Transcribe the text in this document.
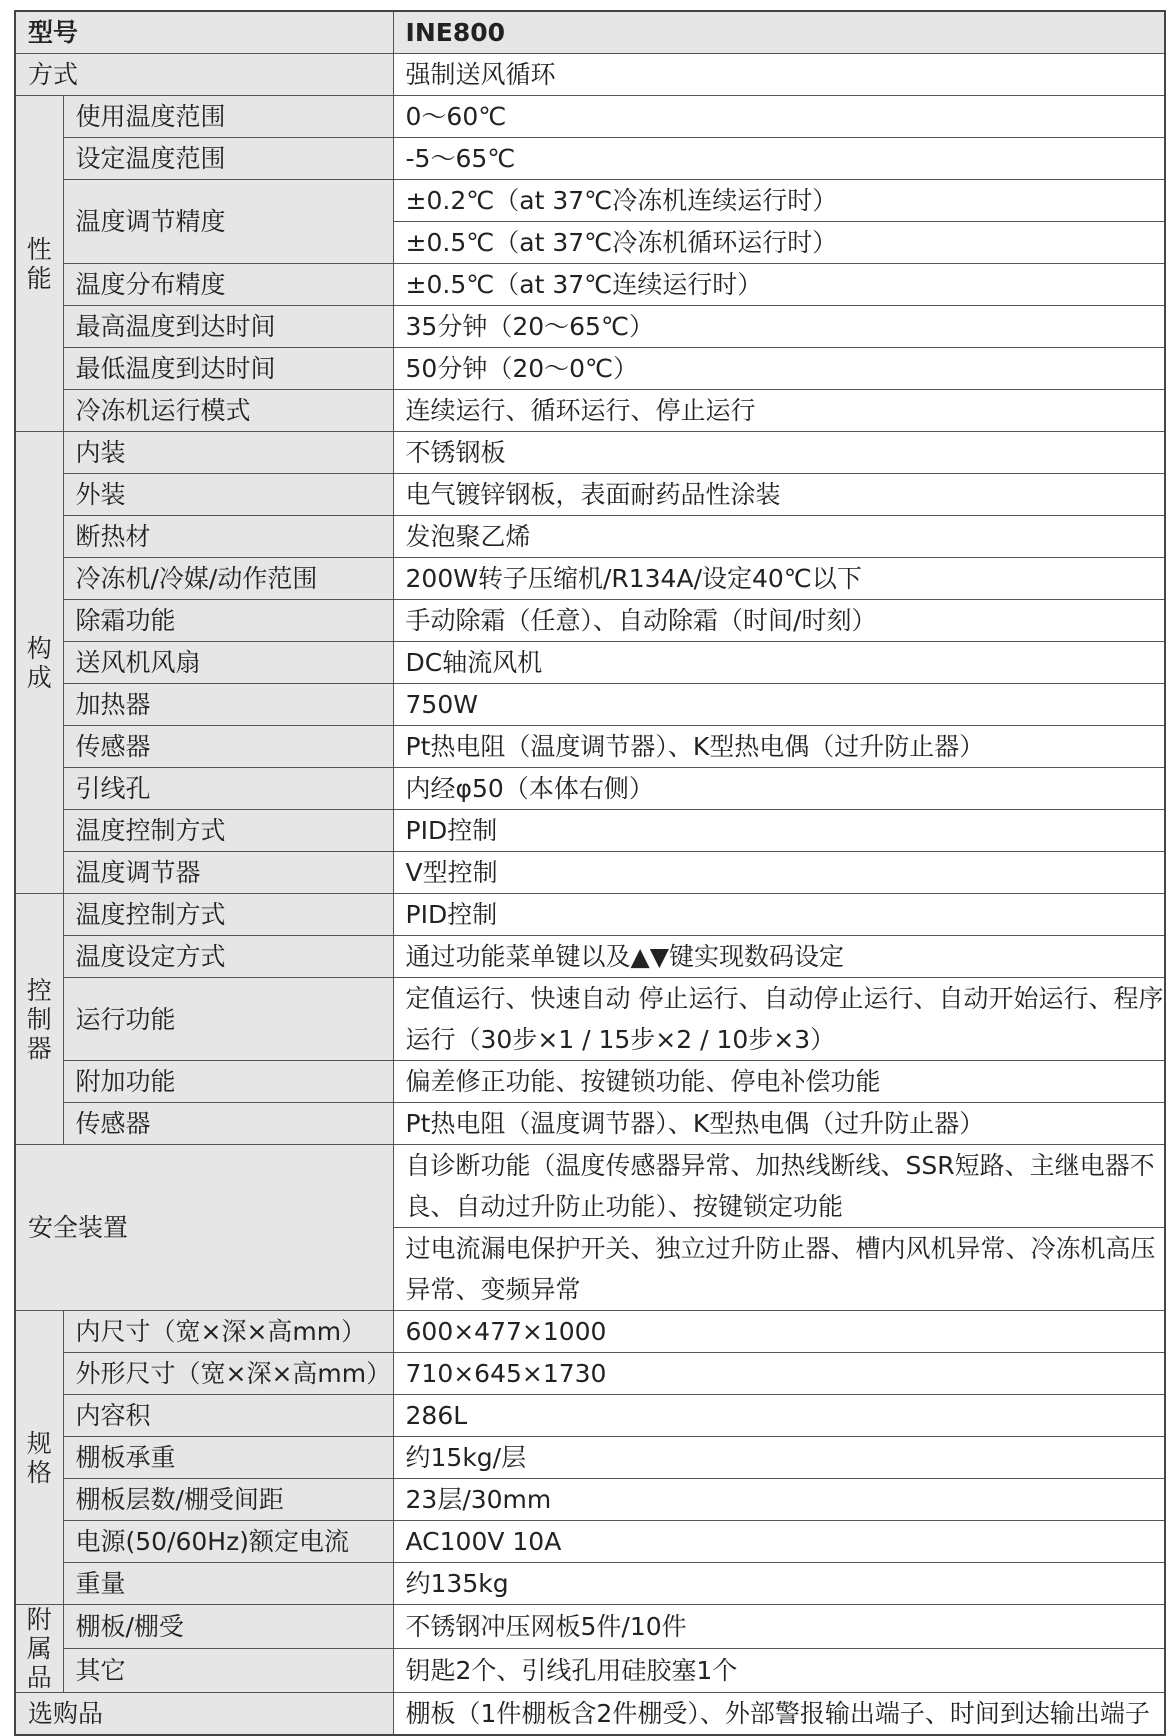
型号		INE800
方式		强制送风循环
性能	使用温度范围	0～60℃
	设定温度范围	-5～65℃
	温度调节精度	±0.2℃（at 37℃冷冻机连续运行时）
		±0.5℃（at 37℃冷冻机循环运行时）
	温度分布精度	±0.5℃（at 37℃连续运行时）
	最高温度到达时间	35分钟（20～65℃）
	最低温度到达时间	50分钟（20～0℃）
	冷冻机运行模式	连续运行、循环运行、停止运行
构成	内装	不锈钢板
	外装	电气镀锌钢板，表面耐药品性涂装
	断热材	发泡聚乙烯
	冷冻机/冷媒/动作范围	200W转子压缩机/R134A/设定40℃以下
	除霜功能	手动除霜（任意）、自动除霜（时间/时刻）
	送风机风扇	DC轴流风机
	加热器	750W
	传感器	Pt热电阻（温度调节器）、K型热电偶（过升防止器）
	引线孔	内经φ50（本体右侧）
	温度控制方式	PID控制
	温度调节器	V型控制
控制器	温度控制方式	PID控制
	温度设定方式	通过功能菜单键以及▲▼键实现数码设定
	运行功能	定值运行、快速自动 停止运行、自动停止运行、自动开始运行、程序运行（30步×1 / 15步×2 / 10步×3）
	附加功能	偏差修正功能、按键锁功能、停电补偿功能
	传感器	Pt热电阻（温度调节器）、K型热电偶（过升防止器）
安全装置		自诊断功能（温度传感器异常、加热线断线、SSR短路、主继电器不良、自动过升防止功能）、按键锁定功能
		过电流漏电保护开关、独立过升防止器、槽内风机异常、冷冻机高压异常、变频异常
规格	内尺寸（宽×深×高mm）	600×477×1000
	外形尺寸（宽×深×高mm）	710×645×1730
	内容积	286L
	棚板承重	约15kg/层
	棚板层数/棚受间距	23层/30mm
	电源(50/60Hz)额定电流	AC100V 10A
	重量	约135kg
附属品	棚板/棚受	不锈钢冲压网板5件/10件
	其它	钥匙2个、引线孔用硅胶塞1个
选购品		棚板（1件棚板含2件棚受）、外部警报输出端子、时间到达输出端子
